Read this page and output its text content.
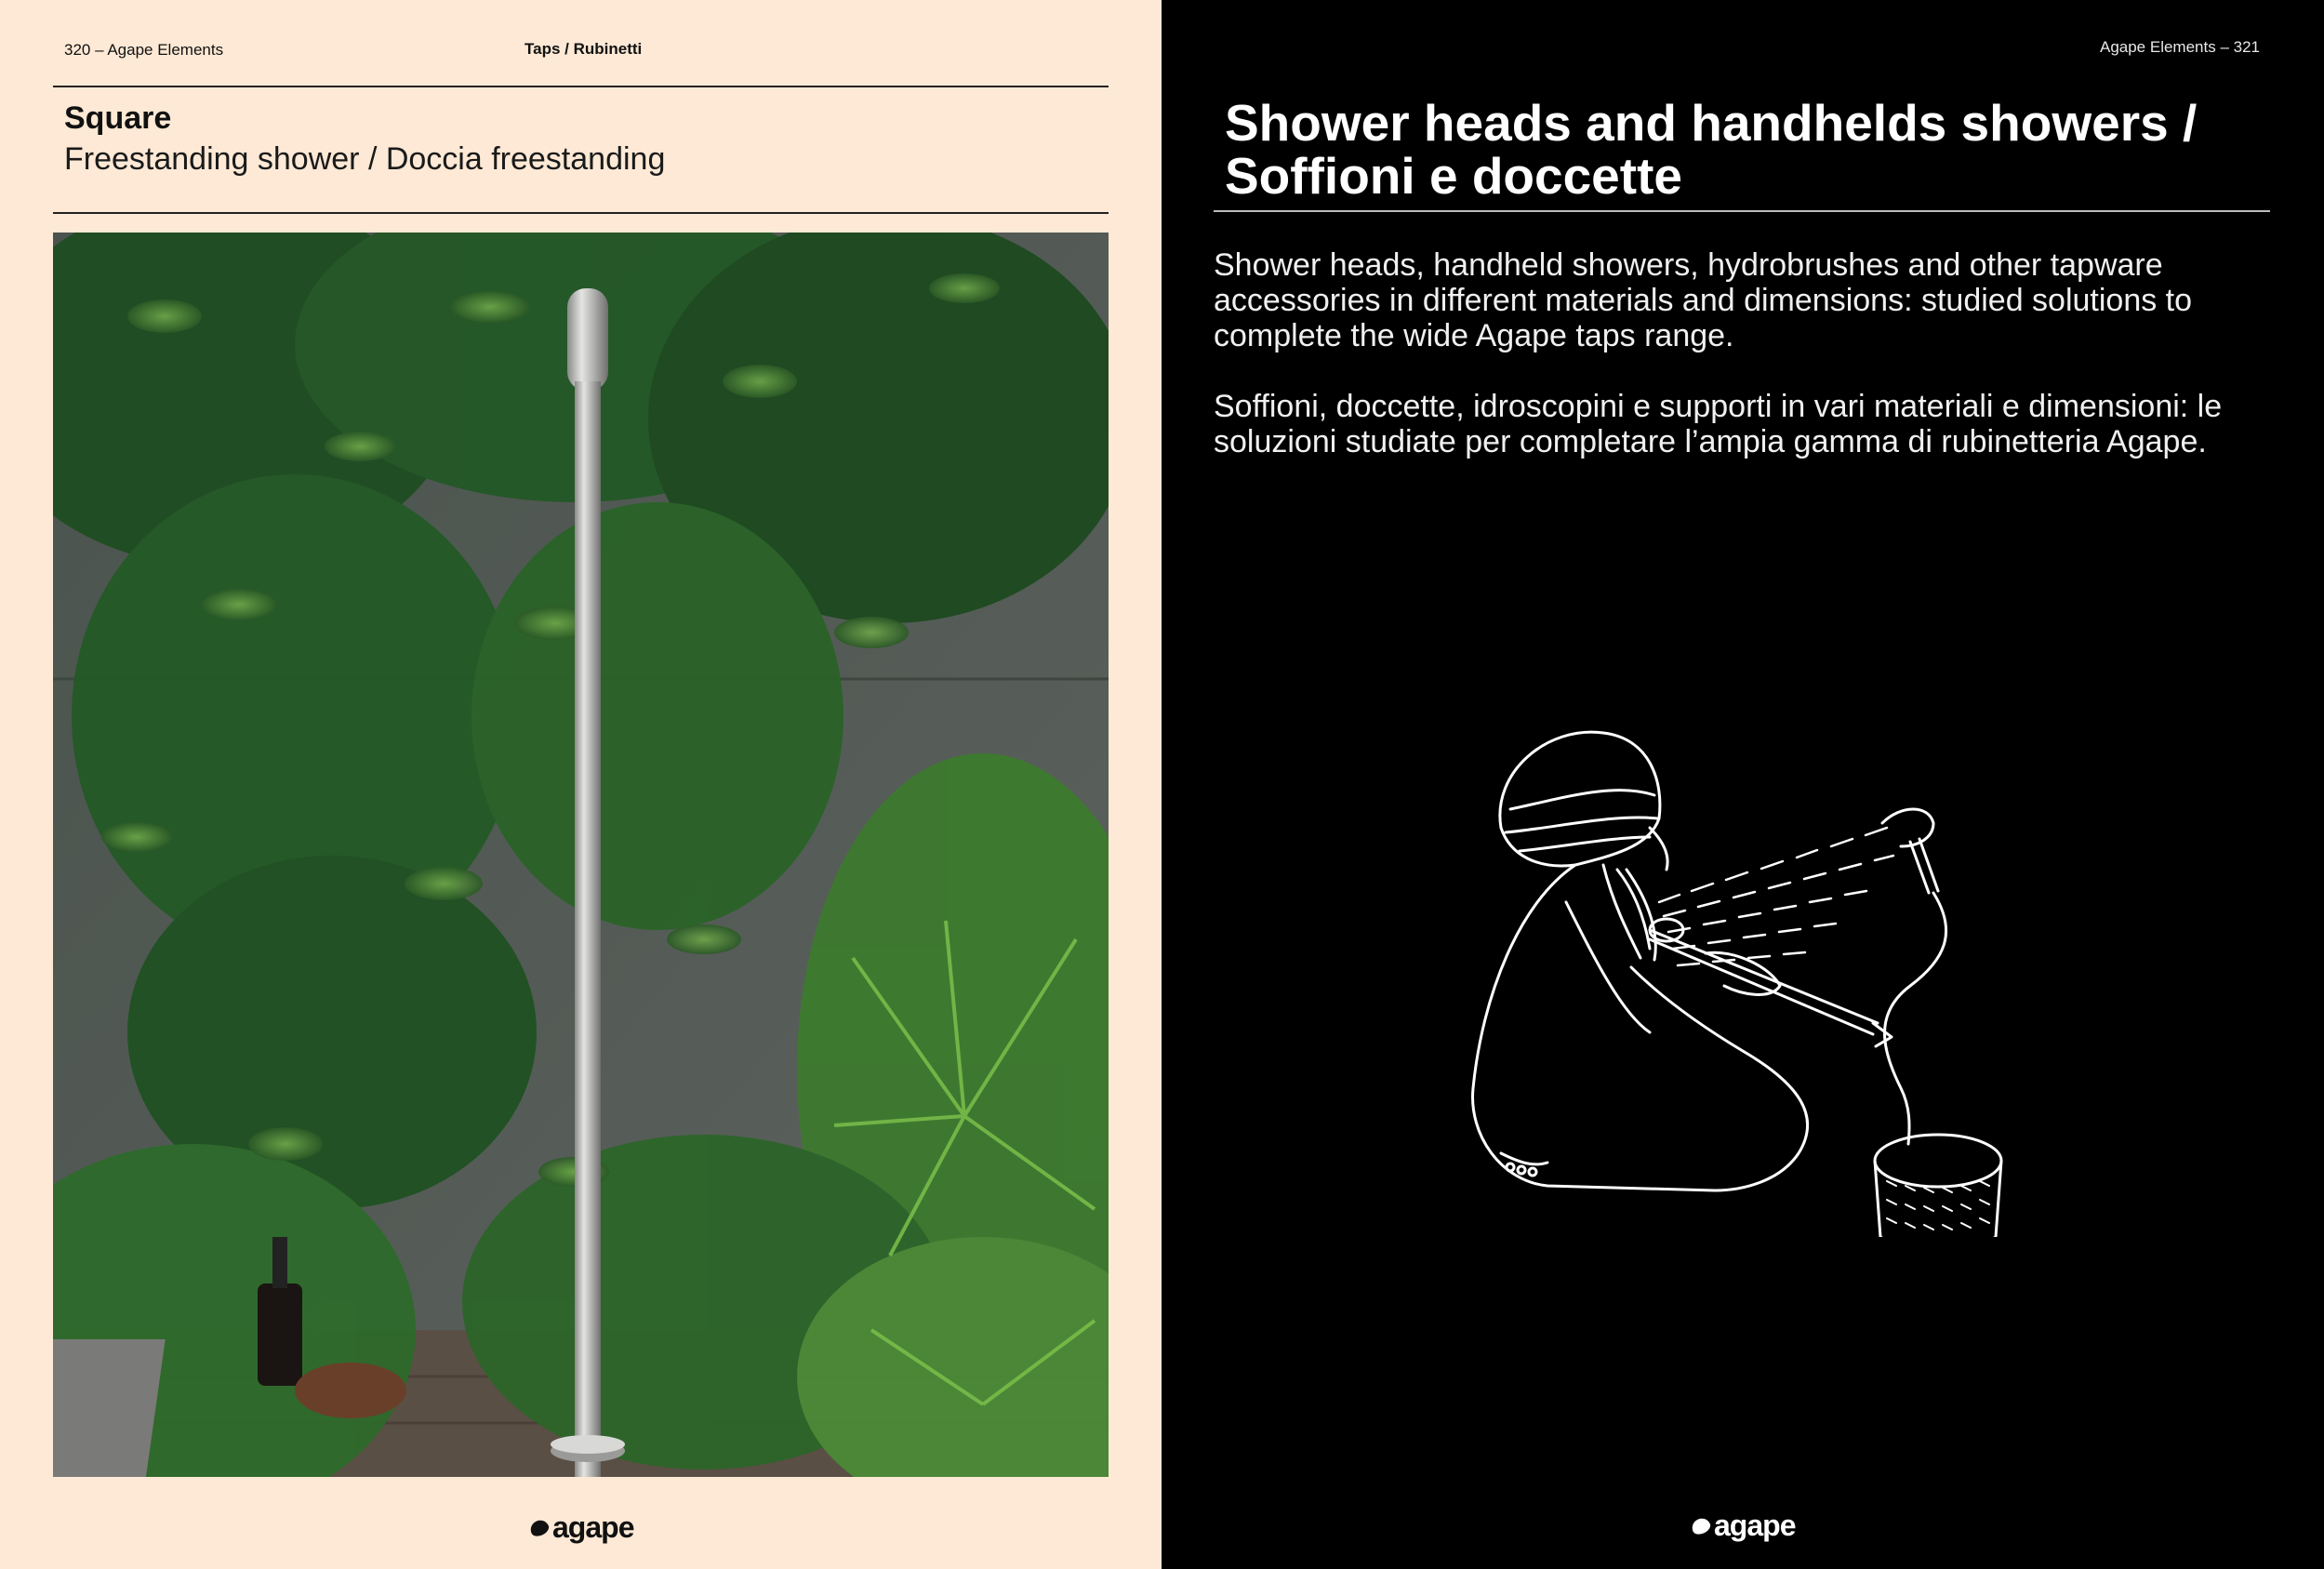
320 – Agape Elements	Taps / Rubinetti
Square
Freestanding shower / Doccia freestanding
agape
Agape Elements – 321
Shower heads and handhelds showers /
Soffioni e doccette
Shower heads, handheld showers, hydrobrushes and other tapware accessories in different materials and dimensions: studied solutions to complete the wide Agape taps range.
Soffioni, doccette, idroscopini e supporti in vari materiali e dimensioni: le soluzioni studiate per completare l’ampia gamma di rubinetteria Agape.
agape
